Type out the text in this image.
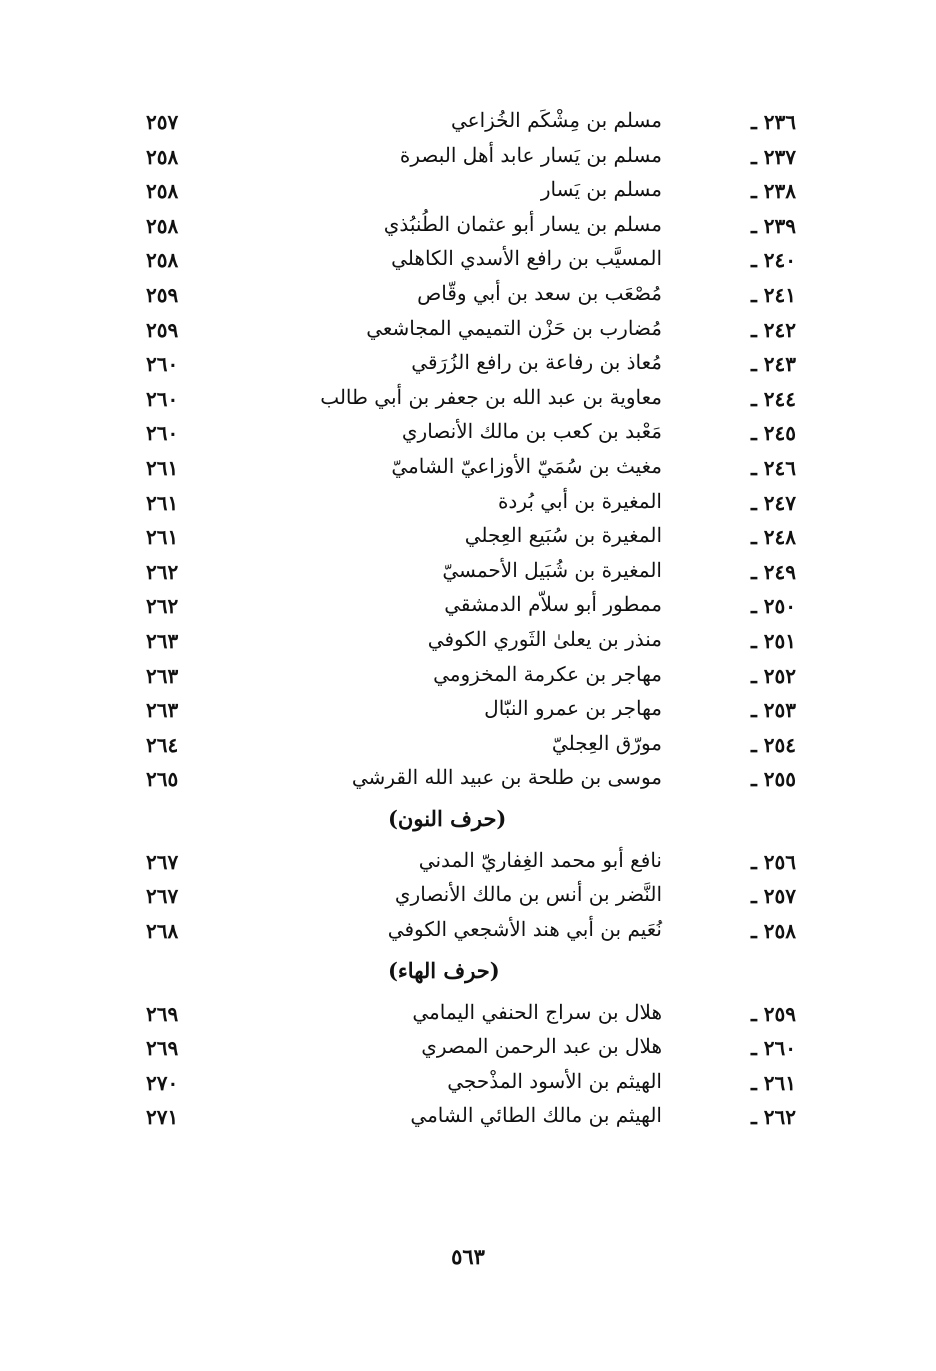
٢٣٦ ـ
مسلم بن مِشْكَم الخُزاعي
٢٥٧
٢٣٧ ـ
مسلم بن يَسار عابد أهل البصرة
٢٥٨
٢٣٨ ـ
مسلم بن يَسار
٢٥٨
٢٣٩ ـ
مسلم بن يسار أبو عثمان الطُنبُذي
٢٥٨
٢٤٠ ـ
المسيَّب بن رافع الأسدي الكاهلي
٢٥٨
٢٤١ ـ
مُصْعَب بن سعد بن أبي وقّاص
٢٥٩
٢٤٢ ـ
مُضارب بن حَزْن التميمي المجاشعي
٢٥٩
٢٤٣ ـ
مُعاذ بن رفاعة بن رافع الزُرَقي
٢٦٠
٢٤٤ ـ
معاوية بن عبد الله بن جعفر بن أبي طالب
٢٦٠
٢٤٥ ـ
مَعْبد بن كعب بن مالك الأنصاري
٢٦٠
٢٤٦ ـ
مغيث بن سُمَيّ الأوزاعيّ الشاميّ
٢٦١
٢٤٧ ـ
المغيرة بن أبي بُردة
٢٦١
٢٤٨ ـ
المغيرة بن سُبَيع العِجلي
٢٦١
٢٤٩ ـ
المغيرة بن شُبَيل الأحمسيّ
٢٦٢
٢٥٠ ـ
ممطور أبو سلاّم الدمشقي
٢٦٢
٢٥١ ـ
منذر بن يعلىٰ الثَوري الكوفي
٢٦٣
٢٥٢ ـ
مهاجر بن عكرمة المخزومي
٢٦٣
٢٥٣ ـ
مهاجر بن عمرو النبّال
٢٦٣
٢٥٤ ـ
مورّق العِجليّ
٢٦٤
٢٥٥ ـ
موسى بن طلحة بن عبيد الله القرشي
٢٦٥
(حرف النون)
٢٥٦ ـ
نافع أبو محمد الغِفاريّ المدني
٢٦٧
٢٥٧ ـ
النَّضر بن أنس بن مالك الأنصاري
٢٦٧
٢٥٨ ـ
نُعَيم بن أبي هند الأشجعي الكوفي
٢٦٨
(حرف الهاء)
٢٥٩ ـ
هلال بن سراج الحنفي اليمامي
٢٦٩
٢٦٠ ـ
هلال بن عبد الرحمن المصري
٢٦٩
٢٦١ ـ
الهيثم بن الأسود المذْحجي
٢٧٠
٢٦٢ ـ
الهيثم بن مالك الطائي الشامي
٢٧١
٥٦٣
